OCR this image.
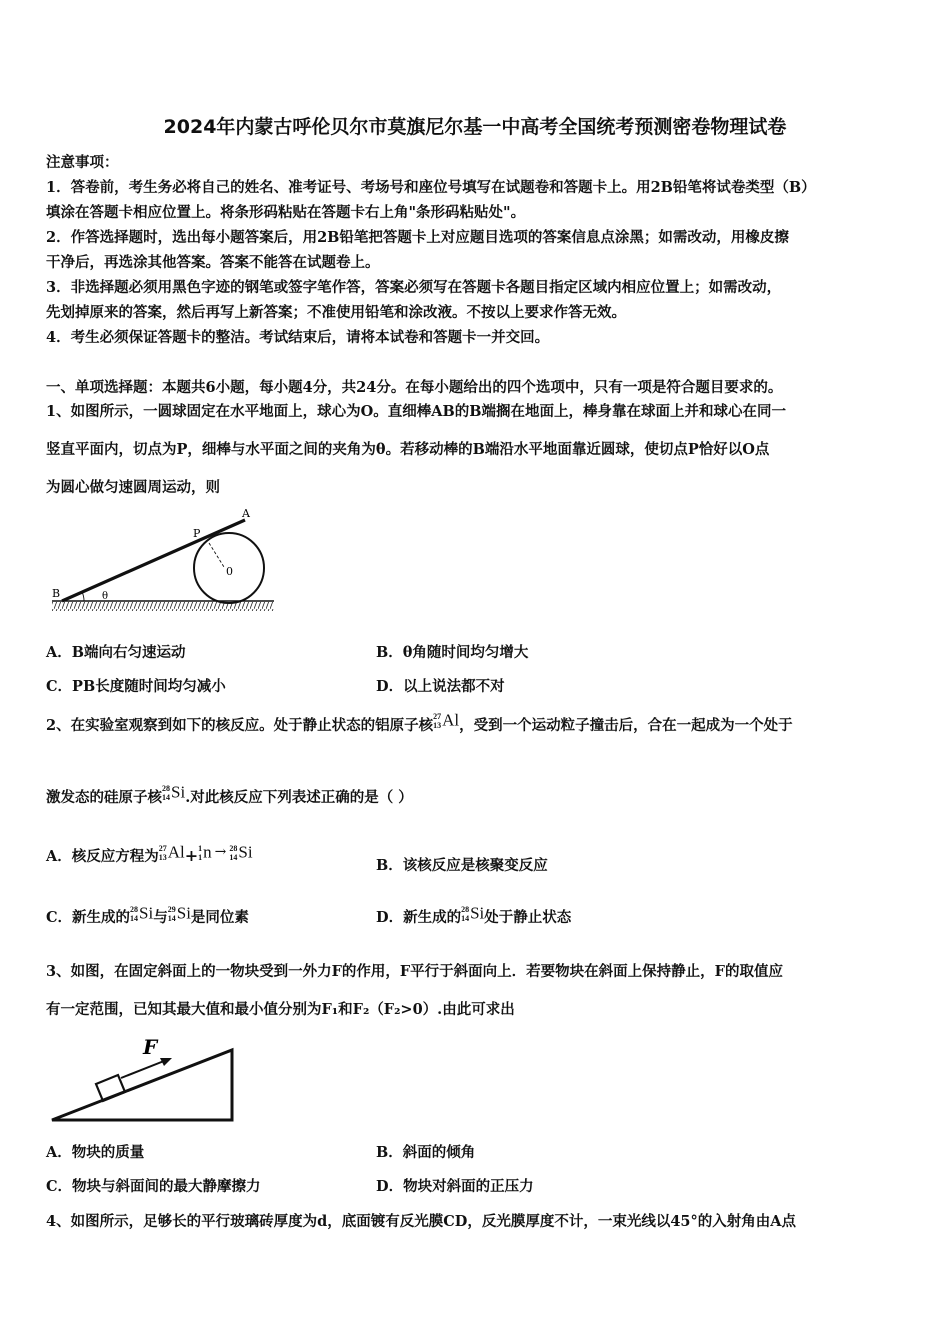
2024年内蒙古呼伦贝尔市莫旗尼尔基一中高考全国统考预测密卷物理试卷
注意事项：
1．答卷前，考生务必将自己的姓名、准考证号、考场号和座位号填写在试题卷和答题卡上。用2B铅笔将试卷类型（B）
填涂在答题卡相应位置上。将条形码粘贴在答题卡右上角"条形码粘贴处"。
2．作答选择题时，选出每小题答案后，用2B铅笔把答题卡上对应题目选项的答案信息点涂黑；如需改动，用橡皮擦
干净后，再选涂其他答案。答案不能答在试题卷上。
3．非选择题必须用黑色字迹的钢笔或签字笔作答，答案必须写在答题卡各题目指定区域内相应位置上；如需改动，
先划掉原来的答案，然后再写上新答案；不准使用铅笔和涂改液。不按以上要求作答无效。
4．考生必须保证答题卡的整洁。考试结束后，请将本试卷和答题卡一并交回。
一、单项选择题：本题共6小题，每小题4分，共24分。在每小题给出的四个选项中，只有一项是符合题目要求的。
1、如图所示，一圆球固定在水平地面上，球心为O。直细棒AB的B端搁在地面上，棒身靠在球面上并和球心在同一
竖直平面内，切点为P，细棒与水平面之间的夹角为θ。若移动棒的B端沿水平地面靠近圆球，使切点P恰好以O点
为圆心做匀速圆周运动，则
A
P
0
B	θ
A．B端向右匀速运动	B．θ角随时间均匀增大
C．PB长度随时间均匀减小	D．以上说法都不对
2、在实验室观察到如下的核反应。处于静止状态的铝原子核27
13Al，受到一个运动粒子撞击后，合在一起成为一个处于
激发态的硅原子核28
14Si.对此核反应下列表述正确的是（ ）
A．核反应方程为27
13Al+1
1n → 28
14Si
B．该核反应是核聚变反应
C．新生成的28
14Si与29
14Si是同位素	D．新生成的28
14Si处于静止状态
3、如图，在固定斜面上的一物块受到一外力F的作用，F平行于斜面向上．若要物块在斜面上保持静止，F的取值应
有一定范围，已知其最大值和最小值分别为F₁和F₂（F₂>0）.由此可求出
F
A．物块的质量	B．斜面的倾角
C．物块与斜面间的最大静摩擦力	D．物块对斜面的正压力
4、如图所示，足够长的平行玻璃砖厚度为d，底面镀有反光膜CD，反光膜厚度不计，一束光线以45°的入射角由A点
